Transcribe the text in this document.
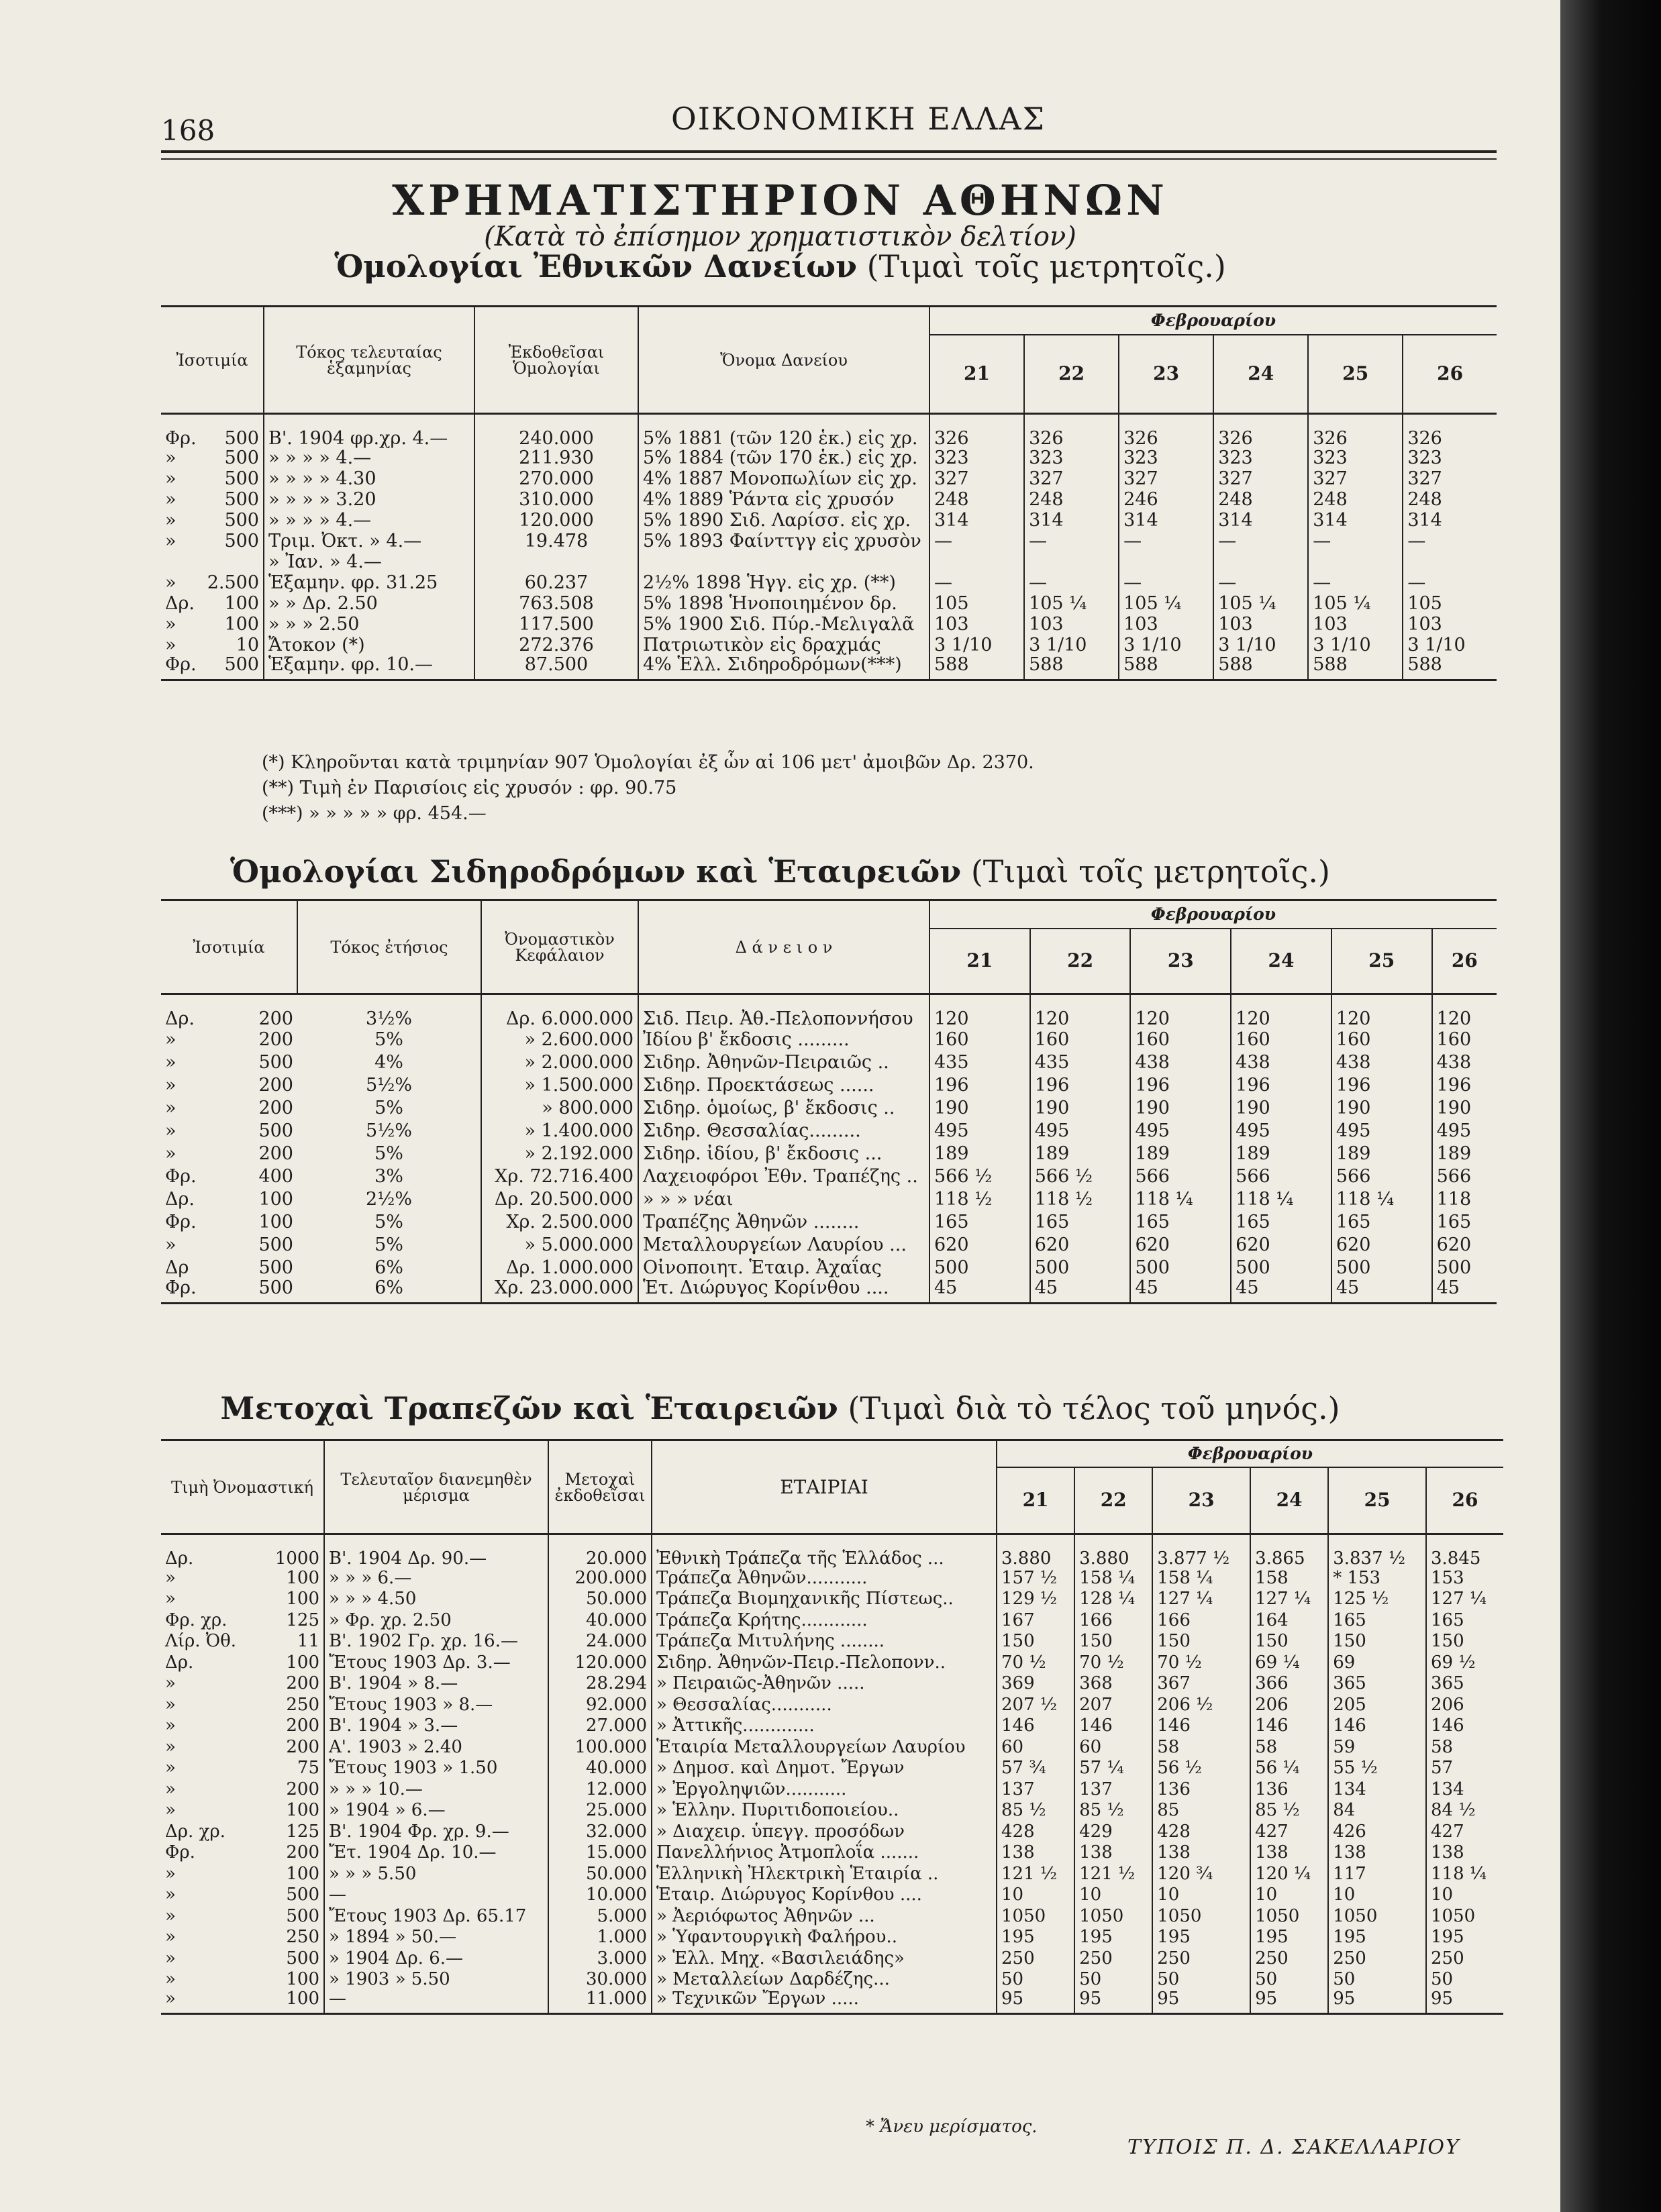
168	ΟΙΚΟΝΟΜΙΚΗ ΕΛΛΑΣ
ΧΡΗΜΑΤΙΣΤΗΡΙΟΝ ΑΘΗΝΩΝ
(Κατὰ τὸ ἐπίσημον χρηματιστικὸν δελτίον)
Ὁμολογίαι Ἐθνικῶν Δανείων (Τιμαὶ τοῖς μετρητοῖς.)
Ἰσοτιμία	Τόκος τελευταίας ἑξαμηνίας	Ἐκδοθεῖσαι Ὁμολογίαι	Ὄνομα Δανείου	Φεβρουαρίου					
				21	22	23	24	25	26

Φρ. 500	Β'. 1904 φρ.χρ. 4.—	240.000	5% 1881 (τῶν 120 ἑκ.) εἰς χρ.	326	326	326	326	326	326

» 500	» » » » 4.—	211.930	5% 1884 (τῶν 170 ἑκ.) εἰς χρ.	323	323	323	323	323	323

» 500	» » » » 4.30	270.000	4% 1887 Μονοπωλίων εἰς χρ.	327	327	327	327	327	327

» 500	» » » » 3.20	310.000	4% 1889 Ῥάντα εἰς χρυσόν	248	248	246	248	248	248

» 500	» » » » 4.—	120.000	5% 1890 Σιδ. Λαρίσσ. εἰς χρ.	314	314	314	314	314	314

» 500	Τριμ. Ὀκτ. » 4.—	19.478	5% 1893 Φαίνττγγ εἰς χρυσὸν	—	—	—	—	—	—

	» Ἰαν. » 4.—								

» 2.500	Ἑξαμην. φρ. 31.25	60.237	2½% 1898 Ἡγγ. εἰς χρ. (**)	—	—	—	—	—	—

Δρ. 100	» » Δρ. 2.50	763.508	5% 1898 Ἡνοποιημένον δρ.	105	105 ¼	105 ¼	105 ¼	105 ¼	105

» 100	» » » 2.50	117.500	5% 1900 Σιδ. Πύρ.-Μελιγαλᾶ	103	103	103	103	103	103

» 10	Ἄτοκον (*)	272.376	Πατριωτικὸν εἰς δραχμάς	3 1/10	3 1/10	3 1/10	3 1/10	3 1/10	3 1/10

Φρ. 500	Ἑξαμην. φρ. 10.—	87.500	4% Ἑλλ. Σιδηροδρόμων(***)	588	588	588	588	588	588
(*) Κληροῦνται κατὰ τριμηνίαν 907 Ὁμολογίαι ἐξ ὧν αἱ 106 μετ' ἀμοιβῶν Δρ. 2370.
(**) Τιμὴ ἐν Παρισίοις εἰς χρυσόν : φρ. 90.75
(***) » » » » » φρ. 454.—
Ὁμολογίαι Σιδηροδρόμων καὶ Ἑταιρειῶν (Τιμαὶ τοῖς μετρητοῖς.)
Ἰσοτιμία	Τόκος ἐτήσιος	Ὀνομαστικὸν Κεφάλαιον	Δ ά ν ε ι ο ν	Φεβρουαρίου					
				21	22	23	24	25	26

Δρ. 200	3½%	Δρ. 6.000.000	Σιδ. Πειρ. Ἀθ.-Πελοποννήσου	120	120	120	120	120	120

» 200	5%	» 2.600.000	Ἰδίου β' ἔκδοσις .........	160	160	160	160	160	160

» 500	4%	» 2.000.000	Σιδηρ. Ἀθηνῶν-Πειραιῶς ..	435	435	438	438	438	438

» 200	5½%	» 1.500.000	Σιδηρ. Προεκτάσεως ......	196	196	196	196	196	196

» 200	5%	» 800.000	Σιδηρ. ὁμοίως, β' ἔκδοσις ..	190	190	190	190	190	190

» 500	5½%	» 1.400.000	Σιδηρ. Θεσσαλίας.........	495	495	495	495	495	495

» 200	5%	» 2.192.000	Σιδηρ. ἰδίου, β' ἔκδοσις ...	189	189	189	189	189	189

Φρ. 400	3%	Χρ. 72.716.400	Λαχειοφόροι Ἐθν. Τραπέζης ..	566 ½	566 ½	566	566	566	566

Δρ. 100	2½%	Δρ. 20.500.000	» » » νέαι	118 ½	118 ½	118 ¼	118 ¼	118 ¼	118

Φρ. 100	5%	Χρ. 2.500.000	Τραπέζης Ἀθηνῶν ........	165	165	165	165	165	165

» 500	5%	» 5.000.000	Μεταλλουργείων Λαυρίου ...	620	620	620	620	620	620

Δρ 500	6%	Δρ. 1.000.000	Οἰνοποιητ. Ἑταιρ. Ἀχαΐας	500	500	500	500	500	500

Φρ. 500	6%	Χρ. 23.000.000	Ἑτ. Διώρυγος Κορίνθου ....	45	45	45	45	45	45
Μετοχαὶ Τραπεζῶν καὶ Ἑταιρειῶν (Τιμαὶ διὰ τὸ τέλος τοῦ μηνός.)
Τιμὴ Ὀνομαστική	Τελευταῖον διανεμηθὲν μέρισμα	Μετοχαὶ ἐκδοθεῖσαι	ΕΤΑΙΡΙΑΙ	Φεβρουαρίου					
				21	22	23	24	25	26

Δρ. 1000	Β'. 1904 Δρ. 90.—	20.000	Ἐθνικὴ Τράπεζα τῆς Ἑλλάδος ...	3.880	3.880	3.877 ½	3.865	3.837 ½	3.845

» 100	» » » 6.—	200.000	Τράπεζα Ἀθηνῶν...........	157 ½	158 ¼	158 ¼	158	* 153	153

» 100	» » » 4.50	50.000	Τράπεζα Βιομηχανικῆς Πίστεως..	129 ½	128 ¼	127 ¼	127 ¼	125 ½	127 ¼

Φρ. χρ. 125	» Φρ. χρ. 2.50	40.000	Τράπεζα Κρήτης............	167	166	166	164	165	165

Λίρ. Ὀθ. 11	Β'. 1902 Γρ. χρ. 16.—	24.000	Τράπεζα Μιτυλήνης ........	150	150	150	150	150	150

Δρ. 100	Ἔτους 1903 Δρ. 3.—	120.000	Σιδηρ. Ἀθηνῶν-Πειρ.-Πελοπονν..	70 ½	70 ½	70 ½	69 ¼	69	69 ½

» 200	Β'. 1904 » 8.—	28.294	» Πειραιῶς-Ἀθηνῶν .....	369	368	367	366	365	365

» 250	Ἔτους 1903 » 8.—	92.000	» Θεσσαλίας...........	207 ½	207	206 ½	206	205	206

» 200	Β'. 1904 » 3.—	27.000	» Ἀττικῆς.............	146	146	146	146	146	146

» 200	Α'. 1903 » 2.40	100.000	Ἑταιρία Μεταλλουργείων Λαυρίου	60	60	58	58	59	58

» 75	Ἔτους 1903 » 1.50	40.000	» Δημοσ. καὶ Δημοτ. Ἔργων	57 ¾	57 ¼	56 ½	56 ¼	55 ½	57

» 200	» » » 10.—	12.000	» Ἐργοληψιῶν...........	137	137	136	136	134	134

» 100	» 1904 » 6.—	25.000	» Ἑλλην. Πυριτιδοποιείου..	85 ½	85 ½	85	85 ½	84	84 ½

Δρ. χρ. 125	Β'. 1904 Φρ. χρ. 9.—	32.000	» Διαχειρ. ὑπεγγ. προσόδων	428	429	428	427	426	427

Φρ. 200	Ἔτ. 1904 Δρ. 10.—	15.000	Πανελλήνιος Ἀτμοπλοΐα .......	138	138	138	138	138	138

» 100	» » » 5.50	50.000	Ἑλληνικὴ Ἠλεκτρικὴ Ἑταιρία ..	121 ½	121 ½	120 ¾	120 ¼	117	118 ¼

» 500	—	10.000	Ἑταιρ. Διώρυγος Κορίνθου ....	10	10	10	10	10	10

» 500	Ἔτους 1903 Δρ. 65.17	5.000	» Ἀεριόφωτος Ἀθηνῶν ...	1050	1050	1050	1050	1050	1050

» 250	» 1894 » 50.—	1.000	» Ὑφαντουργικὴ Φαλήρου..	195	195	195	195	195	195

» 500	» 1904 Δρ. 6.—	3.000	» Ἑλλ. Μηχ. «Βασιλειάδης»	250	250	250	250	250	250

» 100	» 1903 » 5.50	30.000	» Μεταλλείων Δαρδέζης...	50	50	50	50	50	50

» 100	—	11.000	» Τεχνικῶν Ἔργων .....	95	95	95	95	95	95
* Ἄνευ μερίσματος.
ΤΥΠΟΙΣ Π. Δ. ΣΑΚΕΛΛΑΡΙΟΥ
